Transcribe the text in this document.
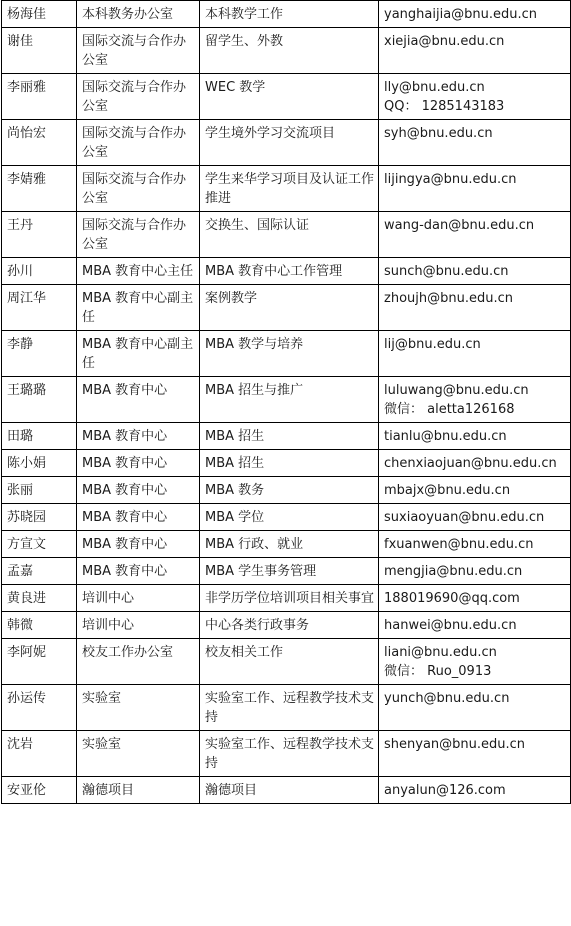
杨海佳	本科教务办公室	本科教学工作	yanghaijia@bnu.edu.cn

谢佳	国际交流与合作办公室	留学生、外教	xiejia@bnu.edu.cn

李丽雅	国际交流与合作办公室	WEC 教学	lly@bnu.edu.cn
QQ： 1285143183

尚怡宏	国际交流与合作办公室	学生境外学习交流项目	syh@bnu.edu.cn

李婧雅	国际交流与合作办公室	学生来华学习项目及认证工作推进	lijingya@bnu.edu.cn

王丹	国际交流与合作办公室	交换生、国际认证	wang-dan@bnu.edu.cn

孙川	MBA 教育中心主任	MBA 教育中心工作管理	sunch@bnu.edu.cn

周江华	MBA 教育中心副主任	案例教学	zhoujh@bnu.edu.cn

李静	MBA 教育中心副主任	MBA 教学与培养	lij@bnu.edu.cn

王璐璐	MBA 教育中心	MBA 招生与推广	luluwang@bnu.edu.cn
微信： aletta126168

田璐	MBA 教育中心	MBA 招生	tianlu@bnu.edu.cn

陈小娟	MBA 教育中心	MBA 招生	chenxiaojuan@bnu.edu.cn

张丽	MBA 教育中心	MBA 教务	mbajx@bnu.edu.cn

苏晓园	MBA 教育中心	MBA 学位	suxiaoyuan@bnu.edu.cn

方宣文	MBA 教育中心	MBA 行政、就业	fxuanwen@bnu.edu.cn

孟嘉	MBA 教育中心	MBA 学生事务管理	mengjia@bnu.edu.cn

黄良进	培训中心	非学历学位培训项目相关事宜	188019690@qq.com

韩微	培训中心	中心各类行政事务	hanwei@bnu.edu.cn

李阿妮	校友工作办公室	校友相关工作	liani@bnu.edu.cn
微信： Ruo_0913

孙运传	实验室	实验室工作、远程教学技术支持	yunch@bnu.edu.cn

沈岩	实验室	实验室工作、远程教学技术支持	shenyan@bnu.edu.cn

安亚伦	瀚德项目	瀚德项目	anyalun@126.com
